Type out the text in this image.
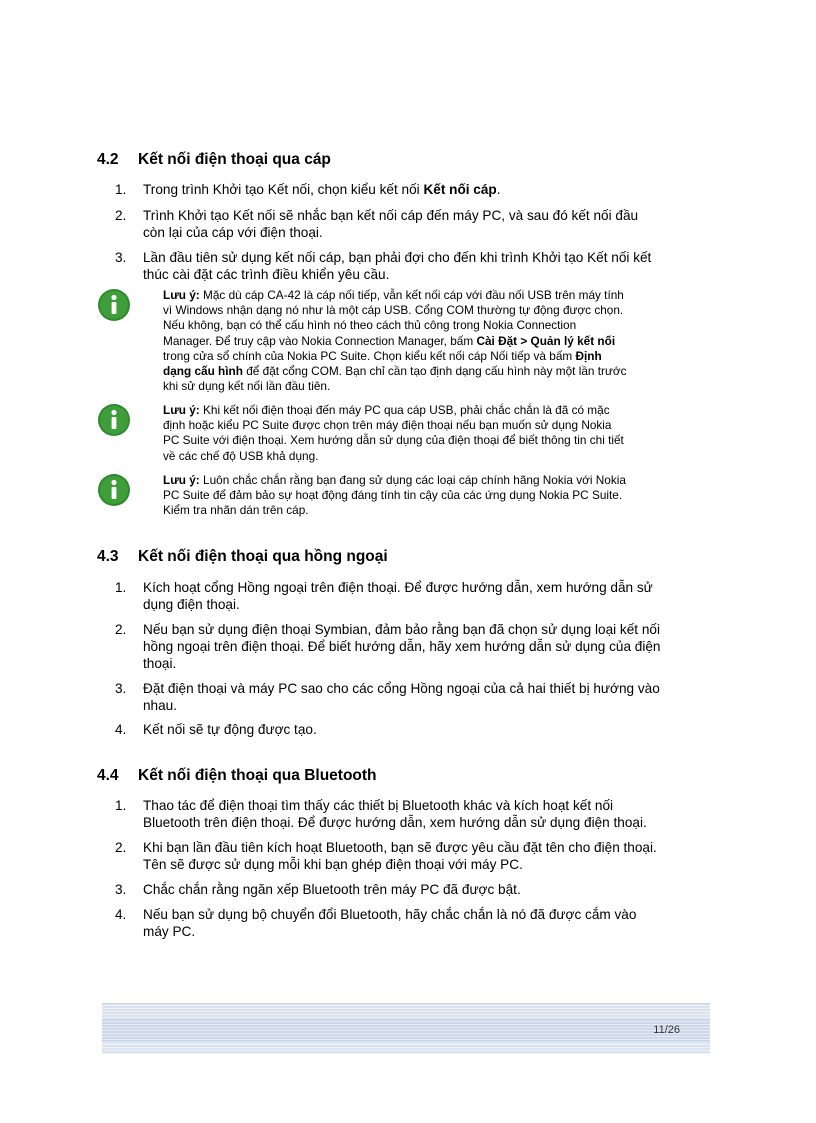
4.2 Kết nối điện thoại qua cáp
1. Trong trình Khởi tạo Kết nối, chọn kiểu kết nối Kết nối cáp.
2. Trình Khởi tạo Kết nối sẽ nhắc bạn kết nối cáp đến máy PC, và sau đó kết nối đầu
còn lại của cáp với điện thoại.
3. Lần đầu tiên sử dụng kết nối cáp, bạn phải đợi cho đến khi trình Khởi tạo Kết nối kết
thúc cài đặt các trình điều khiển yêu cầu.
Lưu ý: Mặc dù cáp CA-42 là cáp nối tiếp, vẫn kết nối cáp với đầu nối USB trên máy tính
vì Windows nhận dạng nó như là một cáp USB. Cổng COM thường tự động được chọn.
Nếu không, bạn có thể cấu hình nó theo cách thủ công trong Nokia Connection
Manager. Để truy cập vào Nokia Connection Manager, bấm Cài Đặt > Quản lý kết nối
trong cửa sổ chính của Nokia PC Suite. Chọn kiểu kết nối cáp Nối tiếp và bấm Định
dạng cấu hình để đặt cổng COM. Bạn chỉ cần tạo định dạng cấu hình này một lần trước
khi sử dụng kết nối lần đầu tiên.
Lưu ý: Khi kết nối điện thoại đến máy PC qua cáp USB, phải chắc chắn là đã có mặc
định hoặc kiểu PC Suite được chọn trên máy điện thoại nếu bạn muốn sử dụng Nokia
PC Suite với điện thoại. Xem hướng dẫn sử dụng của điện thoại để biết thông tin chi tiết
về các chế độ USB khả dụng.
Lưu ý: Luôn chắc chắn rằng bạn đang sử dụng các loại cáp chính hãng Nokia với Nokia
PC Suite để đảm bảo sự hoạt động đáng tính tin cậy của các ứng dụng Nokia PC Suite.
Kiểm tra nhãn dán trên cáp.
4.3 Kết nối điện thoại qua hồng ngoại
1. Kích hoạt cổng Hồng ngoại trên điện thoại. Để được hướng dẫn, xem hướng dẫn sử
dụng điện thoại.
2. Nếu bạn sử dụng điện thoại Symbian, đảm bảo rằng bạn đã chọn sử dụng loại kết nối
hồng ngoại trên điện thoại. Để biết hướng dẫn, hãy xem hướng dẫn sử dụng của điện
thoại.
3. Đặt điện thoại và máy PC sao cho các cổng Hồng ngoại của cả hai thiết bị hướng vào
nhau.
4. Kết nối sẽ tự động được tạo.
4.4 Kết nối điện thoại qua Bluetooth
1. Thao tác để điện thoại tìm thấy các thiết bị Bluetooth khác và kích hoạt kết nối
Bluetooth trên điện thoại. Để được hướng dẫn, xem hướng dẫn sử dụng điện thoại.
2. Khi bạn lần đầu tiên kích hoạt Bluetooth, bạn sẽ được yêu cầu đặt tên cho điện thoại.
Tên sẽ được sử dụng mỗi khi bạn ghép điện thoại với máy PC.
3. Chắc chắn rằng ngăn xếp Bluetooth trên máy PC đã được bật.
4. Nếu bạn sử dụng bộ chuyển đổi Bluetooth, hãy chắc chắn là nó đã được cắm vào
máy PC.
11/26
